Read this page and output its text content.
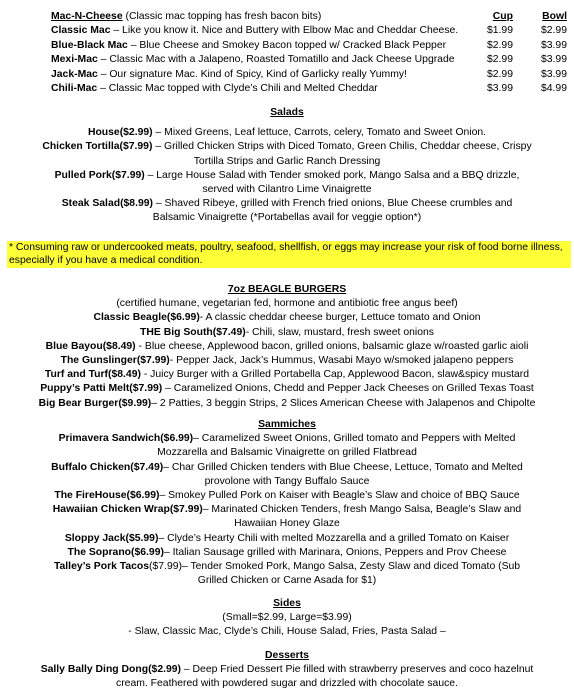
Mac-N-Cheese (Classic mac topping has fresh bacon bits)	Cup	Bowl
Classic Mac – Like you know it. Nice and Buttery with Elbow Mac and Cheddar Cheese.	$1.99	$2.99
Blue-Black Mac – Blue Cheese and Smokey Bacon topped w/ Cracked Black Pepper	$2.99	$3.99
Mexi-Mac – Classic Mac with a Jalapeno, Roasted Tomatillo and Jack Cheese Upgrade	$2.99	$3.99
Jack-Mac – Our signature Mac. Kind of Spicy, Kind of Garlicky really Yummy!	$2.99	$3.99
Chili-Mac – Classic Mac topped with Clyde’s Chili and Melted Cheddar	$3.99	$4.99
Salads
House($2.99) – Mixed Greens, Leaf lettuce, Carrots, celery, Tomato and Sweet Onion.
Chicken Tortilla($7.99) – Grilled Chicken Strips with Diced Tomato, Green Chilis, Cheddar cheese, Crispy
Tortilla Strips and Garlic Ranch Dressing
Pulled Pork($7.99) – Large House Salad with Tender smoked pork, Mango Salsa and a BBQ drizzle,
served with Cilantro Lime Vinaigrette
Steak Salad($8.99) – Shaved Ribeye, grilled with French fried onions, Blue Cheese crumbles and
Balsamic Vinaigrette (*Portabellas avail for veggie option*)
* Consuming raw or undercooked meats, poultry, seafood, shellfish, or eggs may increase your risk of food borne illness,
especially if you have a medical condition.
7oz BEAGLE BURGERS
(certified humane, vegetarian fed, hormone and antibiotic free angus beef)
Classic Beagle($6.99)- A classic cheddar cheese burger, Lettuce tomato and Onion
THE Big South($7.49)- Chili, slaw, mustard, fresh sweet onions
Blue Bayou($8.49) - Blue cheese, Applewood bacon, grilled onions, balsamic glaze w/roasted garlic aioli
The Gunslinger($7.99)- Pepper Jack, Jack’s Hummus, Wasabi Mayo w/smoked jalapeno peppers
Turf and Turf($8.49) - Juicy Burger with a Grilled Portabella Cap, Applewood Bacon, slaw&spicy mustard
Puppy’s Patti Melt($7.99) – Caramelized Onions, Chedd and Pepper Jack Cheeses on Grilled Texas Toast
Big Bear Burger($9.99)– 2 Patties, 3 beggin Strips, 2 Slices American Cheese with Jalapenos and Chipolte
Sammiches
Primavera Sandwich($6.99)– Caramelized Sweet Onions, Grilled tomato and Peppers with Melted
Mozzarella and Balsamic Vinaigrette on grilled Flatbread
Buffalo Chicken($7.49)– Char Grilled Chicken tenders with Blue Cheese, Lettuce, Tomato and Melted
provolone with Tangy Buffalo Sauce
The FireHouse($6.99)– Smokey Pulled Pork on Kaiser with Beagle’s Slaw and choice of BBQ Sauce
Hawaiian Chicken Wrap($7.99)– Marinated Chicken Tenders, fresh Mango Salsa, Beagle’s Slaw and
Hawaiian Honey Glaze
Sloppy Jack($5.99)– Clyde’s Hearty Chili with melted Mozzarella and a grilled Tomato on Kaiser
The Soprano($6.99)– Italian Sausage grilled with Marinara, Onions, Peppers and Prov Cheese
Talley’s Pork Tacos($7.99)– Tender Smoked Pork, Mango Salsa, Zesty Slaw and diced Tomato (Sub
Grilled Chicken or Carne Asada for $1)
Sides
(Small=$2.99, Large=$3.99)
- Slaw, Classic Mac, Clyde’s Chili, House Salad, Fries, Pasta Salad –
Desserts
Sally Bally Ding Dong($2.99) – Deep Fried Dessert Pie filled with strawberry preserves and coco hazelnut
cream. Feathered with powdered sugar and drizzled with chocolate sauce.
